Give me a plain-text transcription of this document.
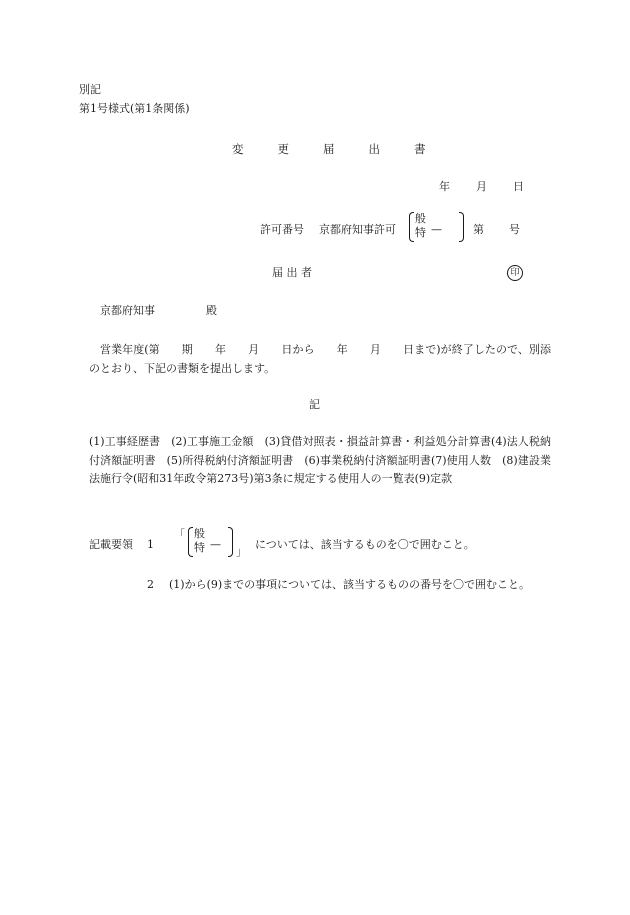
別記
第1号様式(第1条関係)
変	更	届	出	書
年 月 日
許可番号 京都府知事許可
般
特 —	第 号
届 出 者	印
京都府知事	殿
営業年度(第　　期　　年　　月　　日から　　年　　月　　日まで)が終了したので、別添のとおり、下記の書類を提出します。
記
(1)工事経歴書　(2)工事施工金額　(3)貸借対照表・損益計算書・利益処分計算書(4)法人税納付済額証明書　(5)所得税納付済額証明書　(6)事業税納付済額証明書(7)使用人数　(8)建設業法施行令(昭和31年政令第273号)第3条に規定する使用人の一覧表(9)定款
記載要領 1
「 般
特 —
」
については、該当するものを〇で囲むこと。
2 (1)から(9)までの事項については、該当するものの番号を〇で囲むこと。
